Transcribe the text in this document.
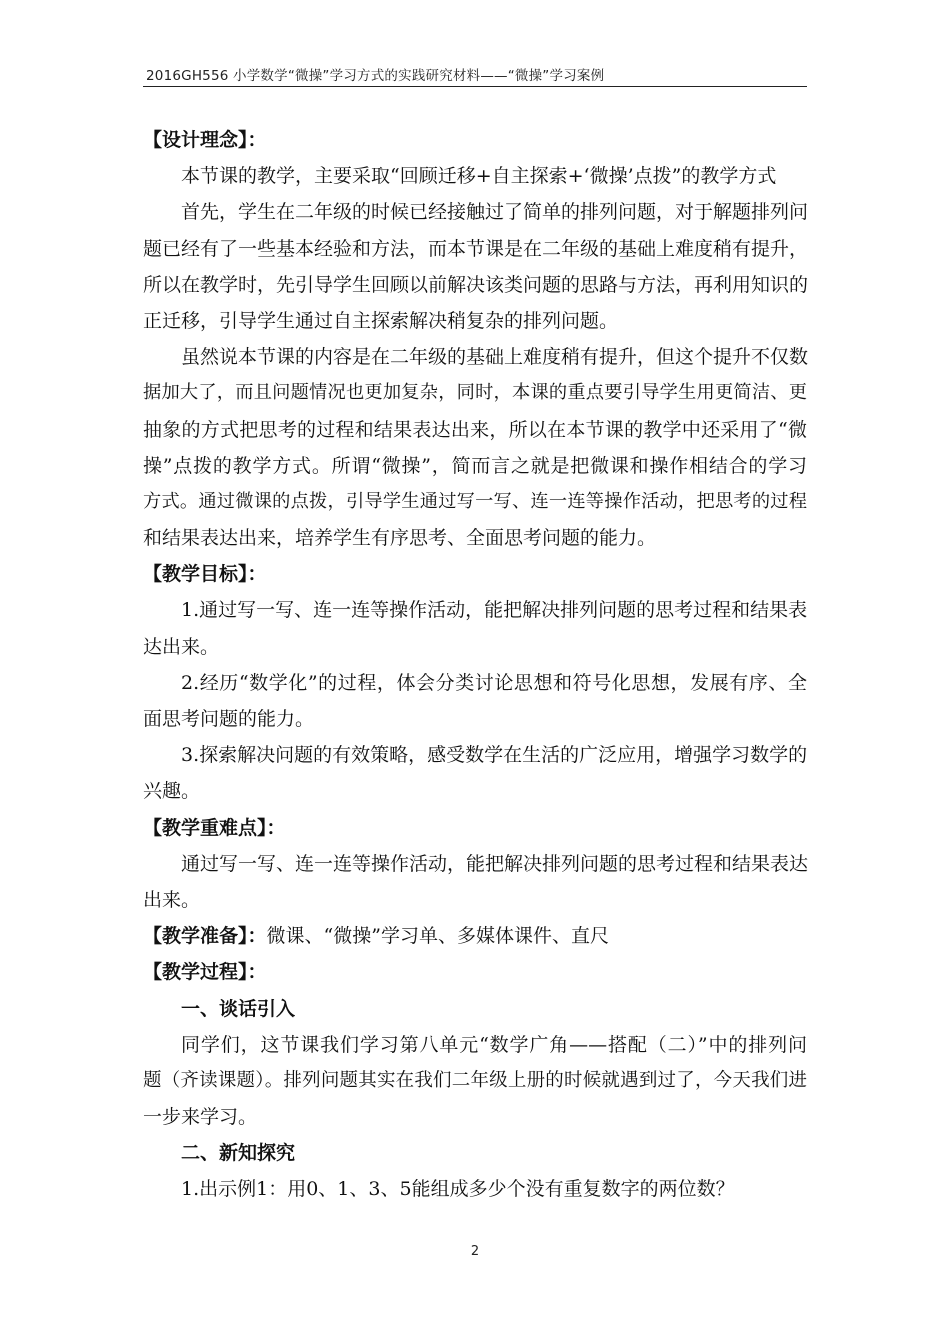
2016GH556 小学数学“微操”学习方式的实践研究材料——“微操”学习案例
【设计理念】：
本节课的教学，主要采取“回顾迁移+自主探索+‘微操’点拨”的教学方式
首先，学生在二年级的时候已经接触过了简单的排列问题，对于解题排列问
题已经有了一些基本经验和方法，而本节课是在二年级的基础上难度稍有提升，
所以在教学时，先引导学生回顾以前解决该类问题的思路与方法，再利用知识的
正迁移，引导学生通过自主探索解决稍复杂的排列问题。
虽然说本节课的内容是在二年级的基础上难度稍有提升，但这个提升不仅数
据加大了，而且问题情况也更加复杂，同时，本课的重点要引导学生用更简洁、更
抽象的方式把思考的过程和结果表达出来，所以在本节课的教学中还采用了“微
操”点拨的教学方式。所谓“微操”，简而言之就是把微课和操作相结合的学习
方式。通过微课的点拨，引导学生通过写一写、连一连等操作活动，把思考的过程
和结果表达出来，培养学生有序思考、全面思考问题的能力。
【教学目标】：
1.通过写一写、连一连等操作活动，能把解决排列问题的思考过程和结果表
达出来。
2.经历“数学化”的过程，体会分类讨论思想和符号化思想，发展有序、全
面思考问题的能力。
3.探索解决问题的有效策略，感受数学在生活的广泛应用，增强学习数学的
兴趣。
【教学重难点】：
通过写一写、连一连等操作活动，能把解决排列问题的思考过程和结果表达
出来。
【教学准备】：微课、“微操”学习单、多媒体课件、直尺
【教学过程】：
一、谈话引入
同学们，这节课我们学习第八单元“数学广角——搭配（二）”中的排列问
题（齐读课题）。排列问题其实在我们二年级上册的时候就遇到过了，今天我们进
一步来学习。
二、新知探究
1.出示例1：用0、1、3、5能组成多少个没有重复数字的两位数？
2
